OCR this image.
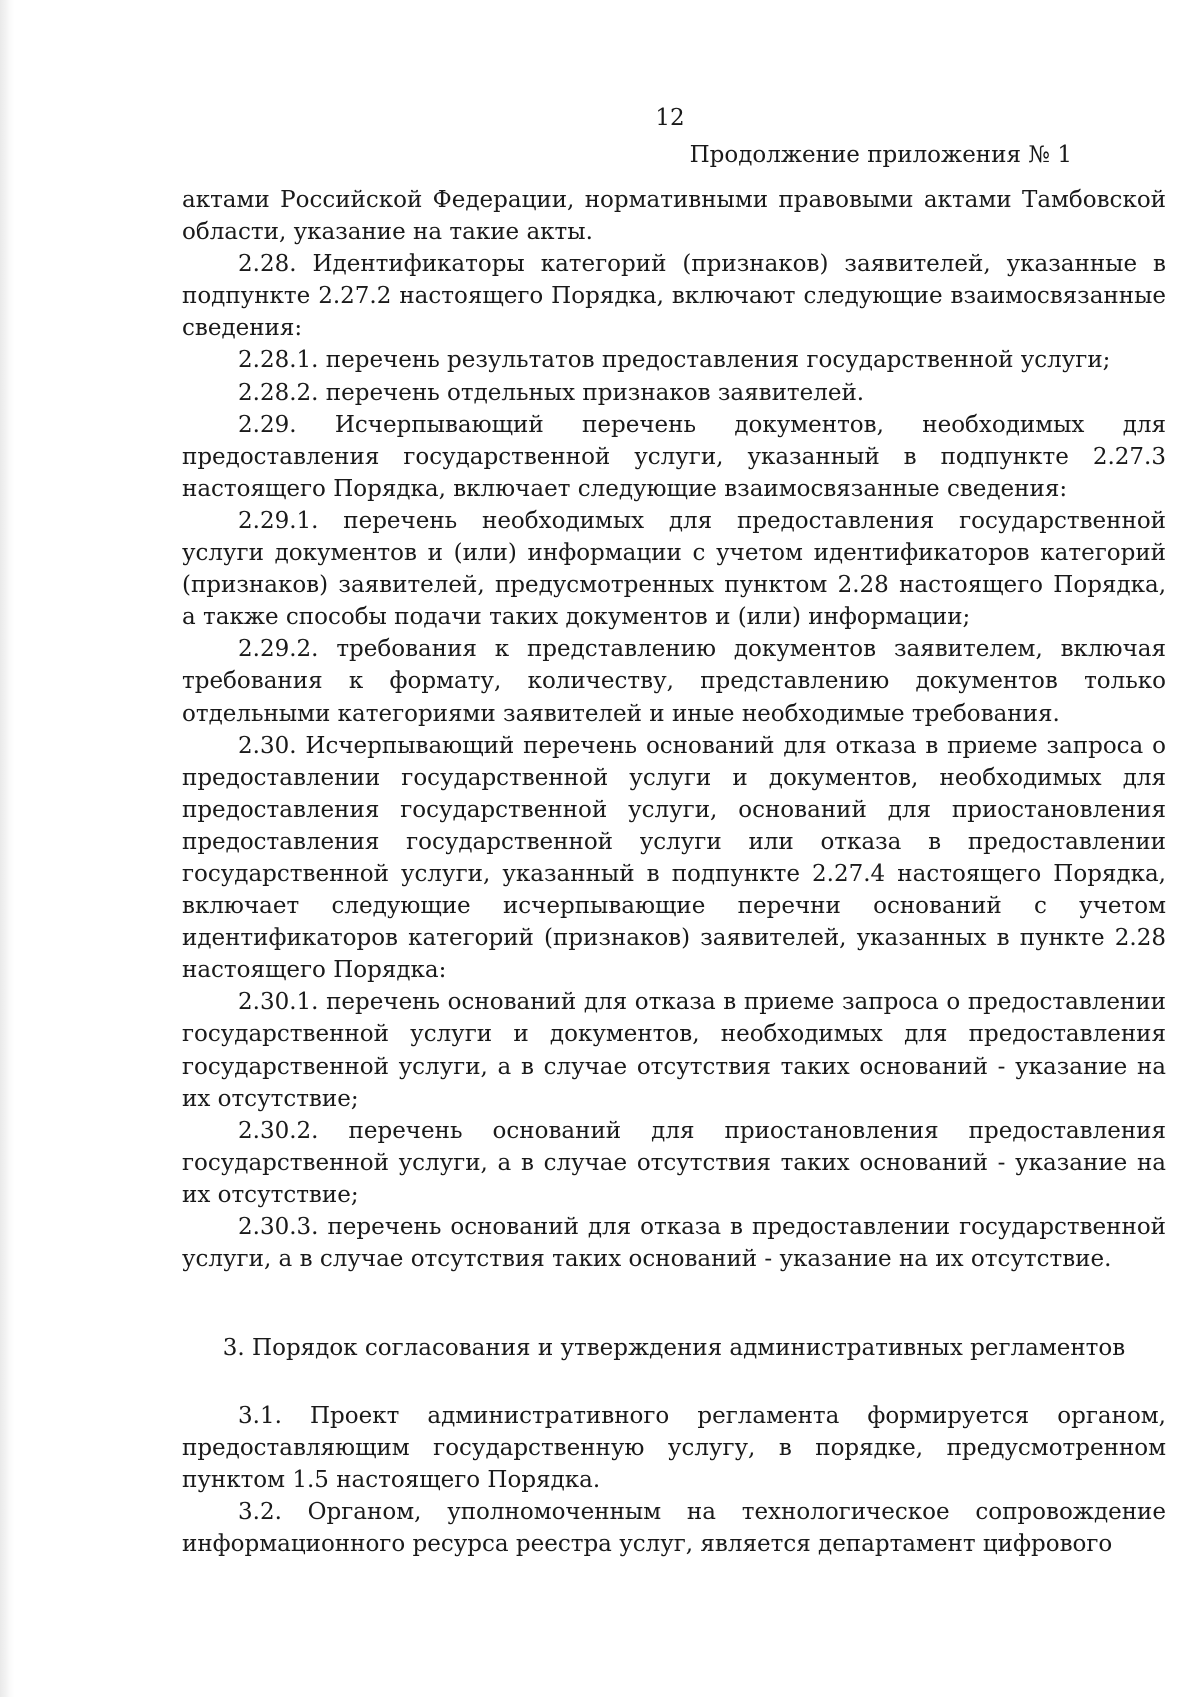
12
Продолжение приложения № 1

актами Российской Федерации, нормативными правовыми актами Тамбовской области, указание на такие акты.

2.28. Идентификаторы категорий (признаков) заявителей, указанные в подпункте 2.27.2 настоящего Порядка, включают следующие взаимосвязанные сведения:

2.28.1. перечень результатов предоставления государственной услуги;

2.28.2. перечень отдельных признаков заявителей.

2.29. Исчерпывающий перечень документов, необходимых для предоставления государственной услуги, указанный в подпункте 2.27.3 настоящего Порядка, включает следующие взаимосвязанные сведения:

2.29.1. перечень необходимых для предоставления государственной услуги документов и (или) информации с учетом идентификаторов категорий (признаков) заявителей, предусмотренных пунктом 2.28 настоящего Порядка, а также способы подачи таких документов и (или) информации;

2.29.2. требования к представлению документов заявителем, включая требования к формату, количеству, представлению документов только отдельными категориями заявителей и иные необходимые требования.

2.30. Исчерпывающий перечень оснований для отказа в приеме запроса о предоставлении государственной услуги и документов, необходимых для предоставления государственной услуги, оснований для приостановления предоставления государственной услуги или отказа в предоставлении государственной услуги, указанный в подпункте 2.27.4 настоящего Порядка, включает следующие исчерпывающие перечни оснований с учетом идентификаторов категорий (признаков) заявителей, указанных в пункте 2.28 настоящего Порядка:

2.30.1. перечень оснований для отказа в приеме запроса о предоставлении государственной услуги и документов, необходимых для предоставления государственной услуги, а в случае отсутствия таких оснований - указание на их отсутствие;

2.30.2. перечень оснований для приостановления предоставления государственной услуги, а в случае отсутствия таких оснований - указание на их отсутствие;

2.30.3. перечень оснований для отказа в предоставлении государственной услуги, а в случае отсутствия таких оснований - указание на их отсутствие.

3. Порядок согласования и утверждения административных регламентов

3.1. Проект административного регламента формируется органом, предоставляющим государственную услугу, в порядке, предусмотренном пунктом 1.5 настоящего Порядка.

3.2. Органом, уполномоченным на технологическое сопровождение информационного ресурса реестра услуг, является департамент цифрового
